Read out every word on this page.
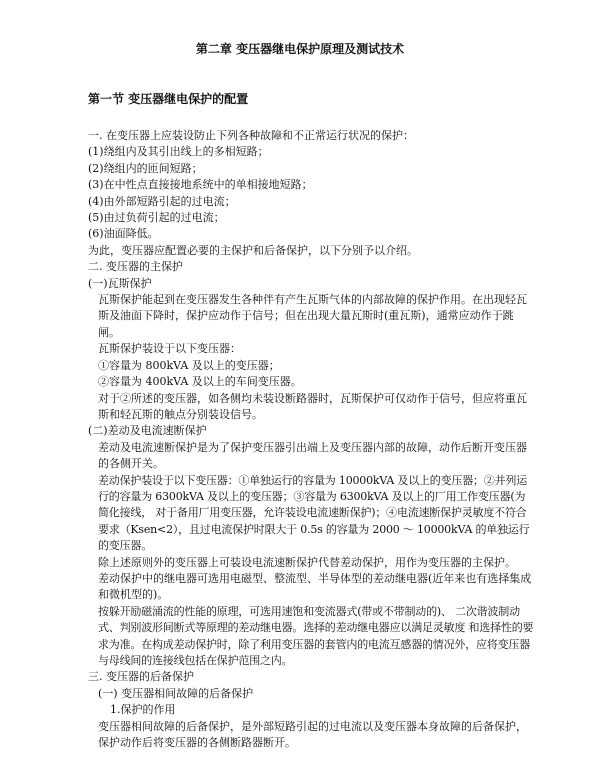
第二章 变压器继电保护原理及测试技术
第一节 变压器继电保护的配置

一. 在变压器上应装设防止下列各种故障和不正常运行状况的保护：

(1)绕组内及其引出线上的多相短路；

(2)绕组内的匝间短路；

(3)在中性点直接接地系统中的单相接地短路；

(4)由外部短路引起的过电流；

(5)由过负荷引起的过电流；

(6)油面降低。

为此，变压器应配置必要的主保护和后备保护，以下分别予以介绍。

二. 变压器的主保护

(一)瓦斯保护

瓦斯保护能起到在变压器发生各种伴有产生瓦斯气体的内部故障的保护作用。在出现轻瓦斯及油面下降时，保护应动作于信号；但在出现大量瓦斯时(重瓦斯)，通常应动作于跳闸。

瓦斯保护装设于以下变压器：

①容量为 800kVA 及以上的变压器；

②容量为 400kVA 及以上的车间变压器。

对于②所述的变压器，如各侧均未装设断路器时，瓦斯保护可仅动作于信号，但应将重瓦斯和轻瓦斯的触点分别装设信号。

(二)差动及电流速断保护

差动及电流速断保护是为了保护变压器引出端上及变压器内部的故障，动作后断开变压器的各侧开关。

差动保护装设于以下变压器：①单独运行的容量为 10000kVA 及以上的变压器；②并列运行的容量为 6300kVA 及以上的变压器；③容量为 6300kVA 及以上的厂用工作变压器(为简化接线， 对于备用厂用变压器，允许装设电流速断保护)；④电流速断保护灵敏度不符合要求（Ksen<2），且过电流保护时限大于 0.5s 的容量为 2000 ～ 10000kVA 的单独运行的变压器。

除上述原则外的变压器上可装设电流速断保护代替差动保护，用作为变压器的主保护。

差动保护中的继电器可选用电磁型、整流型、半导体型的差动继电器(近年来也有选择集成和微机型的)。

按躲开励磁涌流的性能的原理，可选用速饱和变流器式(带或不带制动的)、 二次谐波制动式、判别波形间断式等原理的差动继电器。选择的差动继电器应以满足灵敏度 和选择性的要求为准。在构成差动保护时，除了利用变压器的套管内的电流互感器的情况外，应将变压器与母线间的连接线包括在保护范围之内。

三. 变压器的后备保护

(一) 变压器相间故障的后备保护

1.保护的作用

变压器相间故障的后备保护，是外部短路引起的过电流以及变压器本身故障的后备保护，保护动作后将变压器的各侧断路器断开。
